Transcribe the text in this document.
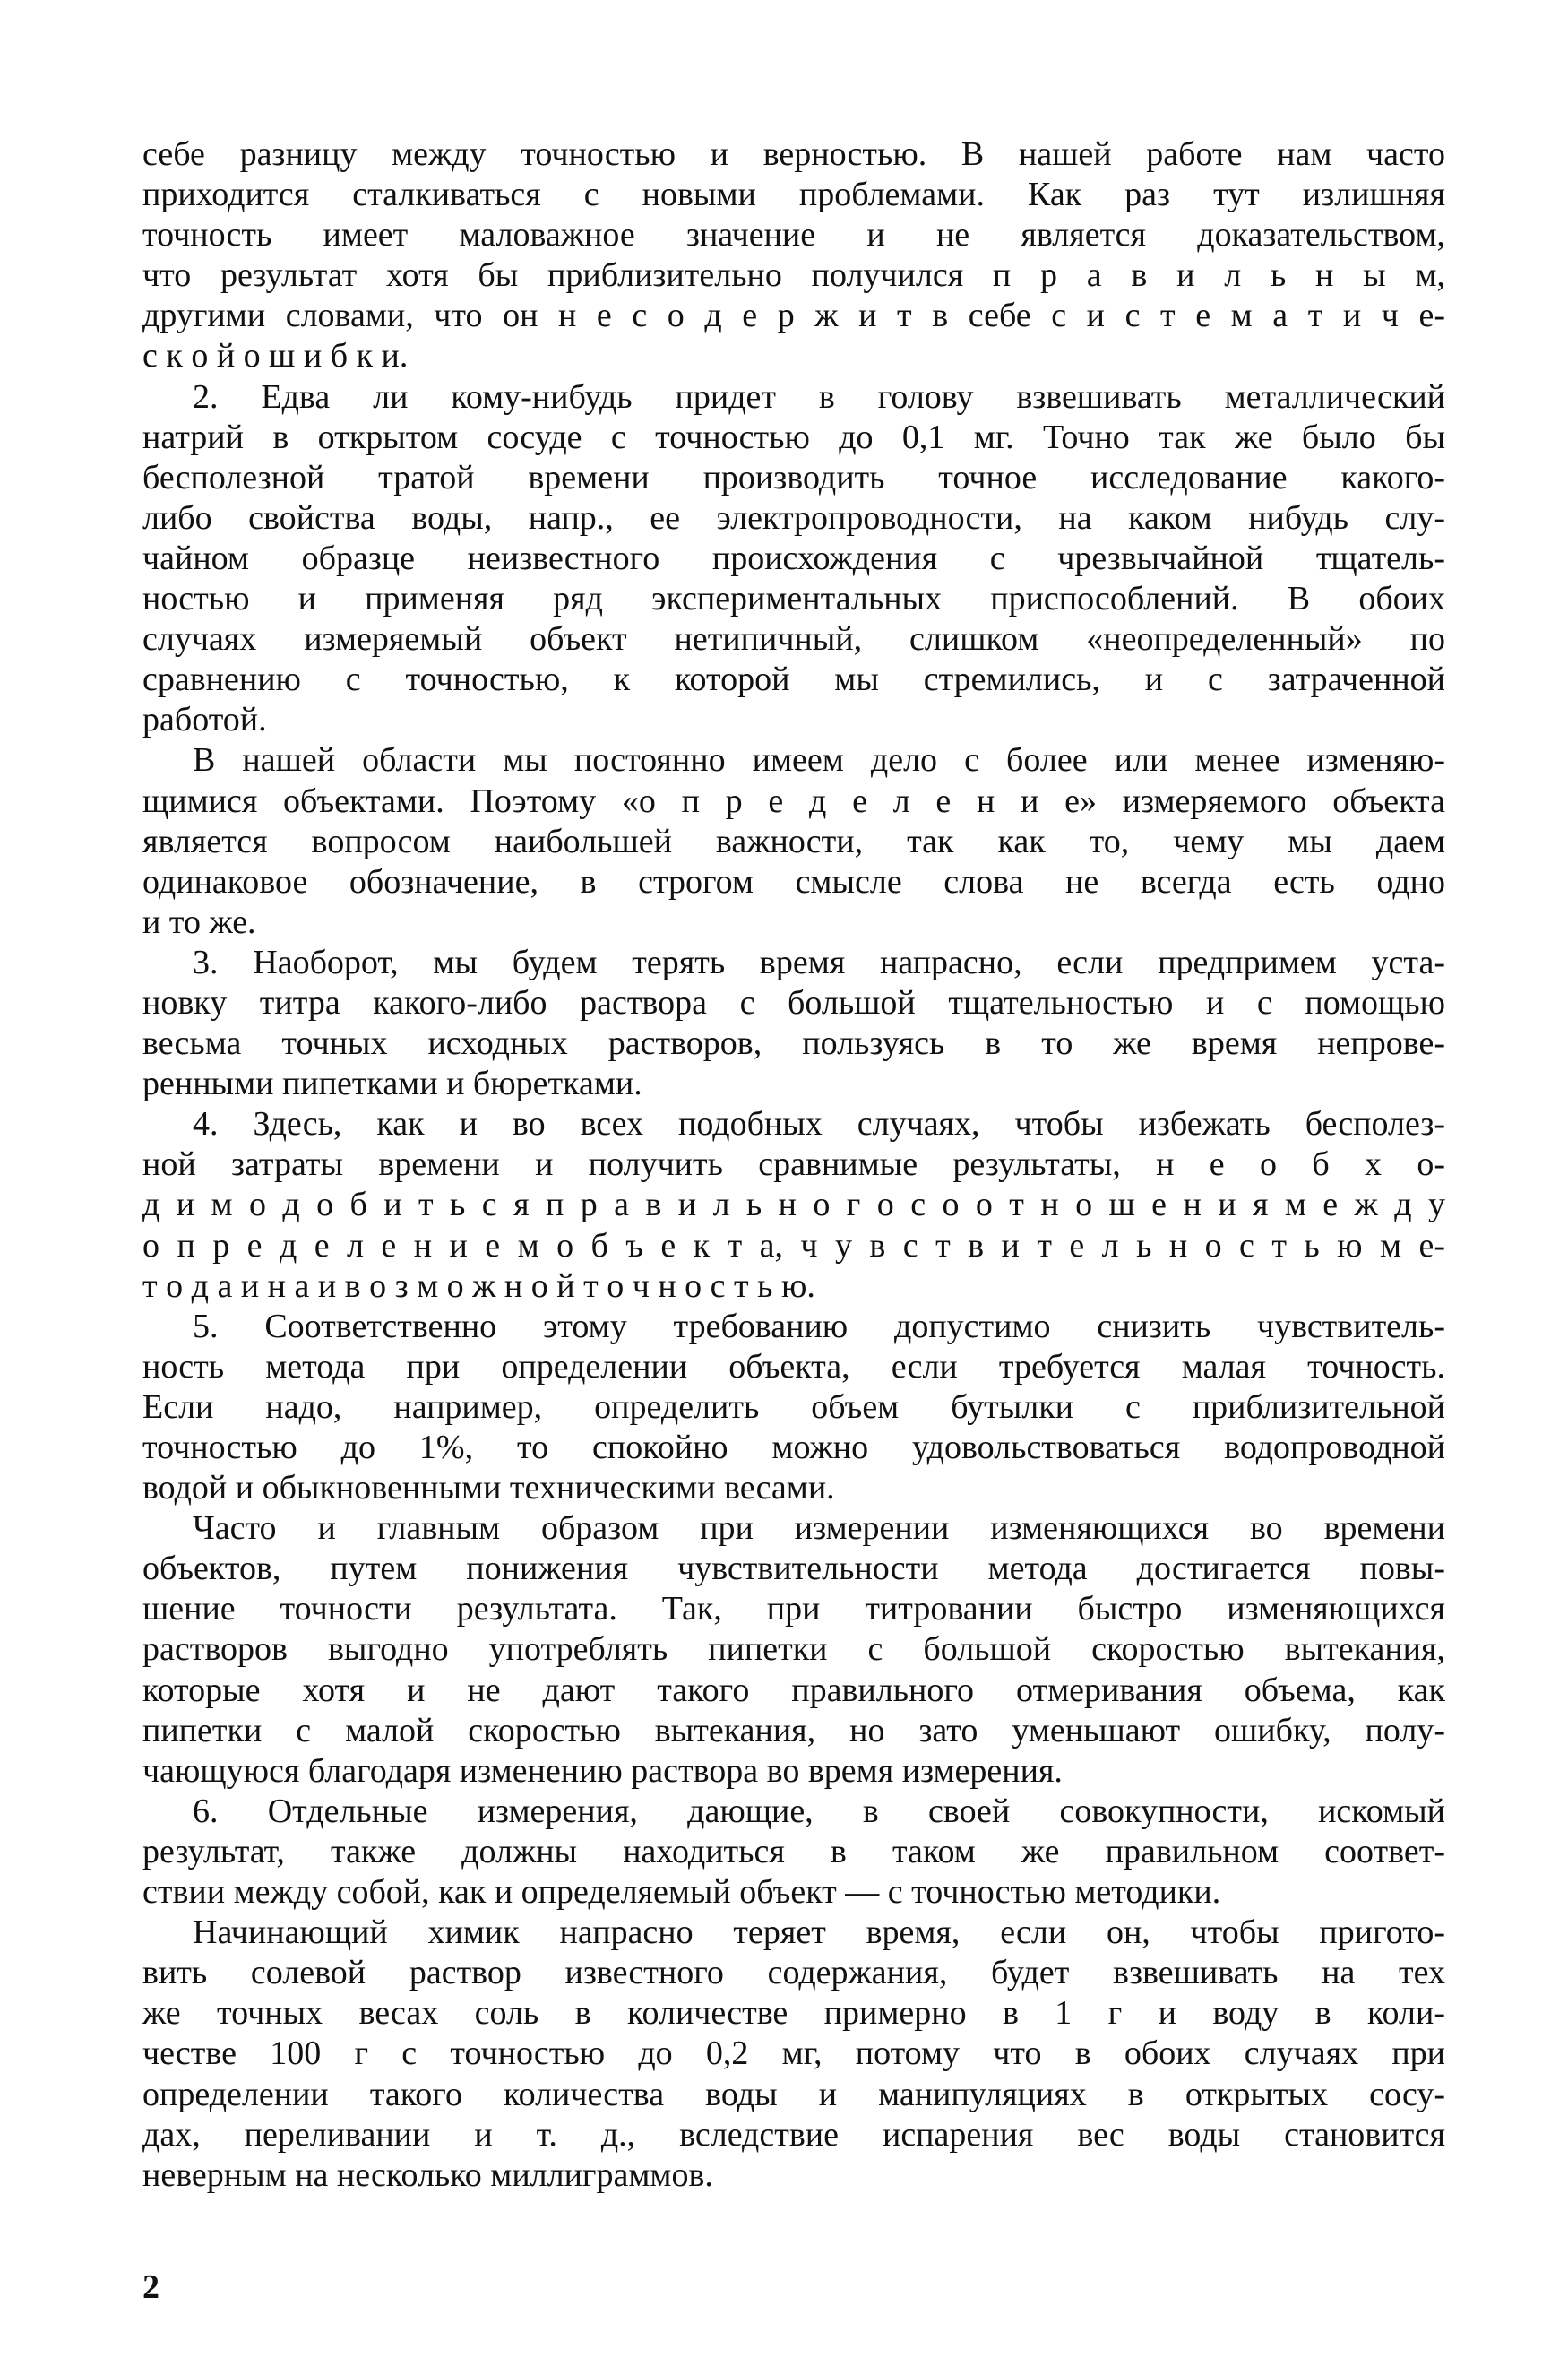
себе разницу между точностью и верностью. В нашей работе нам часто
приходится сталкиваться с новыми проблемами. Как раз тут излишняя
точность имеет маловажное значение и не является доказательством,
что результат хотя бы приблизительно получился п р а в и л ь н ы м,
другими словами, что он н е с о д е р ж и т в себе с и с т е м а т и ч е-
с к о й о ш и б к и.
2. Едва ли кому-нибудь придет в голову взвешивать металлический
натрий в открытом сосуде с точностью до 0,1 мг. Точно так же было бы
бесполезной тратой времени производить точное исследование какого-
либо свойства воды, напр., ее электропроводности, на каком нибудь слу-
чайном образце неизвестного происхождения с чрезвычайной тщатель-
ностью и применяя ряд экспериментальных приспособлений. В обоих
случаях измеряемый объект нетипичный, слишком «неопределенный» по
сравнению с точностью, к которой мы стремились, и с затраченной
работой.
В нашей области мы постоянно имеем дело с более или менее изменяю-
щимися объектами. Поэтому «о п р е д е л е н и е» измеряемого объекта
является вопросом наибольшей важности, так как то, чему мы даем
одинаковое обозначение, в строгом смысле слова не всегда есть одно
и то же.
3. Наоборот, мы будем терять время напрасно, если предпримем уста-
новку титра какого-либо раствора с большой тщательностью и с помощью
весьма точных исходных растворов, пользуясь в то же время непрове-
ренными пипетками и бюретками.
4. Здесь, как и во всех подобных случаях, чтобы избежать бесполез-
ной затраты времени и получить сравнимые результаты, н е о б х о-
д и м о д о б и т ь с я п р а в и л ь н о г о с о о т н о ш е н и я м е ж д у
о п р е д е л е н и е м о б ъ е к т а, ч у в с т в и т е л ь н о с т ь ю м е-
т о д а и н а и в о з м о ж н о й т о ч н о с т ь ю.
5. Соответственно этому требованию допустимо снизить чувствитель-
ность метода при определении объекта, если требуется малая точность.
Если надо, например, определить объем бутылки с приблизительной
точностью до 1%, то спокойно можно удовольствоваться водопроводной
водой и обыкновенными техническими весами.
Часто и главным образом при измерении изменяющихся во времени
объектов, путем понижения чувствительности метода достигается повы-
шение точности результата. Так, при титровании быстро изменяющихся
растворов выгодно употреблять пипетки с большой скоростью вытекания,
которые хотя и не дают такого правильного отмеривания объема, как
пипетки с малой скоростью вытекания, но зато уменьшают ошибку, полу-
чающуюся благодаря изменению раствора во время измерения.
6. Отдельные измерения, дающие, в своей совокупности, искомый
результат, также должны находиться в таком же правильном соответ-
ствии между собой, как и определяемый объект — с точностью методики.
Начинающий химик напрасно теряет время, если он, чтобы пригото-
вить солевой раствор известного содержания, будет взвешивать на тех
же точных весах соль в количестве примерно в 1 г и воду в коли-
честве 100 г с точностью до 0,2 мг, потому что в обоих случаях при
определении такого количества воды и манипуляциях в открытых сосу-
дах, переливании и т. д., вследствие испарения вес воды становится
неверным на несколько миллиграммов.
2
